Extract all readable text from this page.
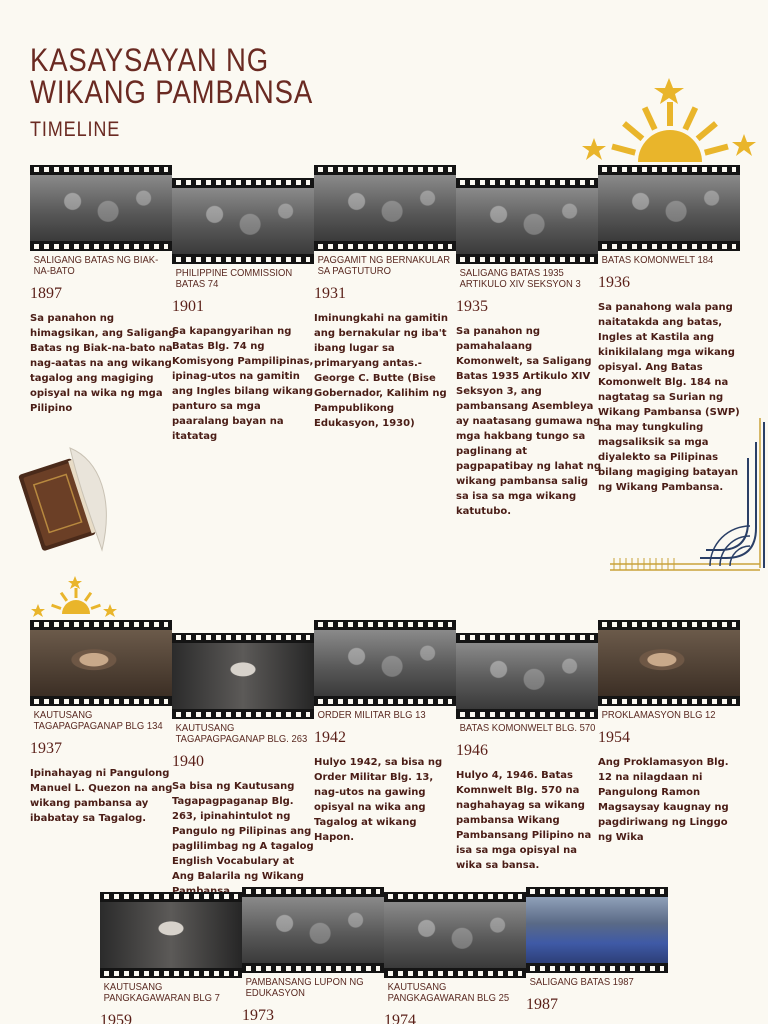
KASAYSAYAN NG
WIKANG PAMBANSA
TIMELINE
SALIGANG BATAS NG BIAK-NA-BATO
1897
Sa panahon ng himagsikan, ang Saligang Batas ng Biak-na-bato na nag-aatas na ang wikang tagalog ang magiging opisyal na wika ng mga Pilipino
PHILIPPINE COMMISSION BATAS 74
1901
Sa kapangyarihan ng Batas Blg. 74 ng Komisyong Pampilipinas, ipinag-utos na gamitin ang Ingles bilang wikang panturo sa mga paaralang bayan na itatatag
PAGGAMIT NG BERNAKULAR SA PAGTUTURO
1931
Iminungkahi na gamitin ang bernakular ng iba't ibang lugar sa primaryang antas.- George C. Butte (Bise Gobernador, Kalihim ng Pampublikong Edukasyon, 1930)
SALIGANG BATAS 1935 ARTIKULO XIV SEKSYON 3
1935
Sa panahon ng pamahalaang Komonwelt, sa Saligang Batas 1935 Artikulo XIV Seksyon 3, ang pambansang Asembleya ay naatasang gumawa ng mga hakbang tungo sa paglinang at pagpapatibay ng lahat ng wikang pambansa salig sa isa sa mga wikang katutubo.
BATAS KOMONWELT 184
1936
Sa panahong wala pang naitatakda ang batas, Ingles at Kastila ang kinikilalang mga wikang opisyal. Ang Batas Komonwelt Blg. 184 na nagtatag sa Surian ng Wikang Pambansa (SWP) na may tungkuling magsaliksik sa mga diyalekto sa Pilipinas bilang magiging batayan ng Wikang Pambansa.
KAUTUSANG TAGAPAGPAGANAP BLG 134
1937
Ipinahayag ni Pangulong Manuel L. Quezon na ang wikang pambansa ay ibabatay sa Tagalog.
KAUTUSANG TAGAPAGPAGANAP BLG. 263
1940
Sa bisa ng Kautusang Tagapagpaganap Blg. 263, ipinahintulot ng Pangulo ng Pilipinas ang paglilimbag ng A tagalog English Vocabulary at Ang Balarila ng Wikang
ORDER MILITAR BLG 13
1942
Hulyo 1942, sa bisa ng Order Militar Blg. 13, nag-utos na gawing opisyal na wika ang Tagalog at wikang Hapon.
BATAS KOMONWELT BLG. 570
1946
Hulyo 4, 1946. Batas Komnwelt Blg. 570 na naghahayag sa wikang pambansa Wikang Pambansang Pilipino na isa sa mga opisyal na wika sa bansa.
PROKLAMASYON BLG 12
1954
Ang Proklamasyon Blg. 12 na nilagdaan ni Pangulong Ramon Magsaysay kaugnay ng pagdiriwang ng Linggo ng Wika
KAUTUSANG PANGKAGAWARAN BLG 7
1959
PAMBANSANG LUPON NG EDUKASYON
1973
KAUTUSANG PANGKAGAWARAN BLG 25
1974
SALIGANG BATAS 1987
1987
